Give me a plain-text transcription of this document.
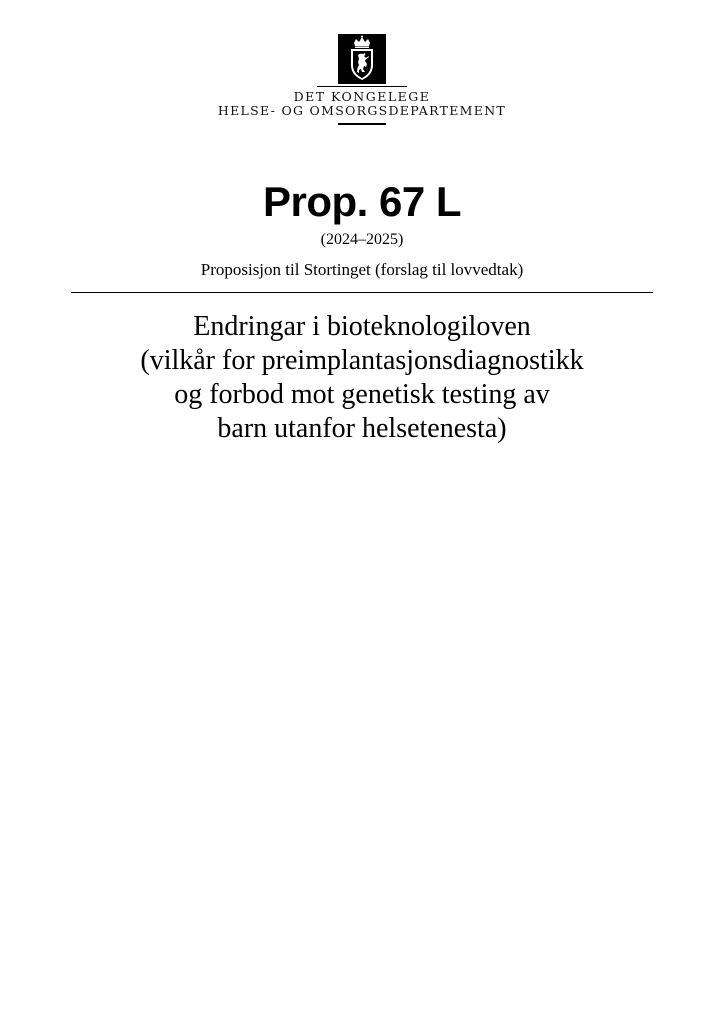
DET KONGELEGE
HELSE- OG OMSORGSDEPARTEMENT
Prop. 67 L
(2024–2025)
Proposisjon til Stortinget (forslag til lovvedtak)
Endringar i bioteknologiloven
(vilkår for preimplantasjonsdiagnostikk
og forbod mot genetisk testing av
barn utanfor helsetenesta)
